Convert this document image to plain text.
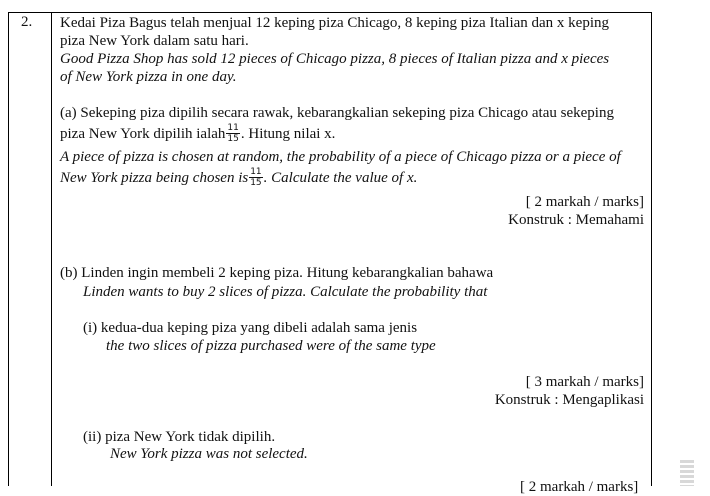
2. Kedai Piza Bagus telah menjual 12 keping piza Chicago, 8 keping piza Italian dan x keping
piza New York dalam satu hari.
Good Pizza Shop has sold 12 pieces of Chicago pizza, 8 pieces of Italian pizza and x pieces
of New York pizza in one day.
(a) Sekeping piza dipilih secara rawak, kebarangkalian sekeping piza Chicago atau sekeping
piza New York dipilih ialah $\frac{11}{15}$ . Hitung nilai x.
A piece of pizza is chosen at random, the probability of a piece of Chicago pizza or a piece of
New York pizza being chosen is $\frac{11}{15}$ . Calculate the value of x.
[ 2 markah / marks]
Konstruk : Memahami
(b) Linden ingin membeli 2 keping piza. Hitung kebarangkalian bahawa
Linden wants to buy 2 slices of pizza. Calculate the probability that
(i) kedua-dua keping piza yang dibeli adalah sama jenis
the two slices of pizza purchased were of the same type
[ 3 markah / marks]
Konstruk : Mengaplikasi
(ii) piza New York tidak dipilih.
New York pizza was not selected.
[ 2 markah / marks]
